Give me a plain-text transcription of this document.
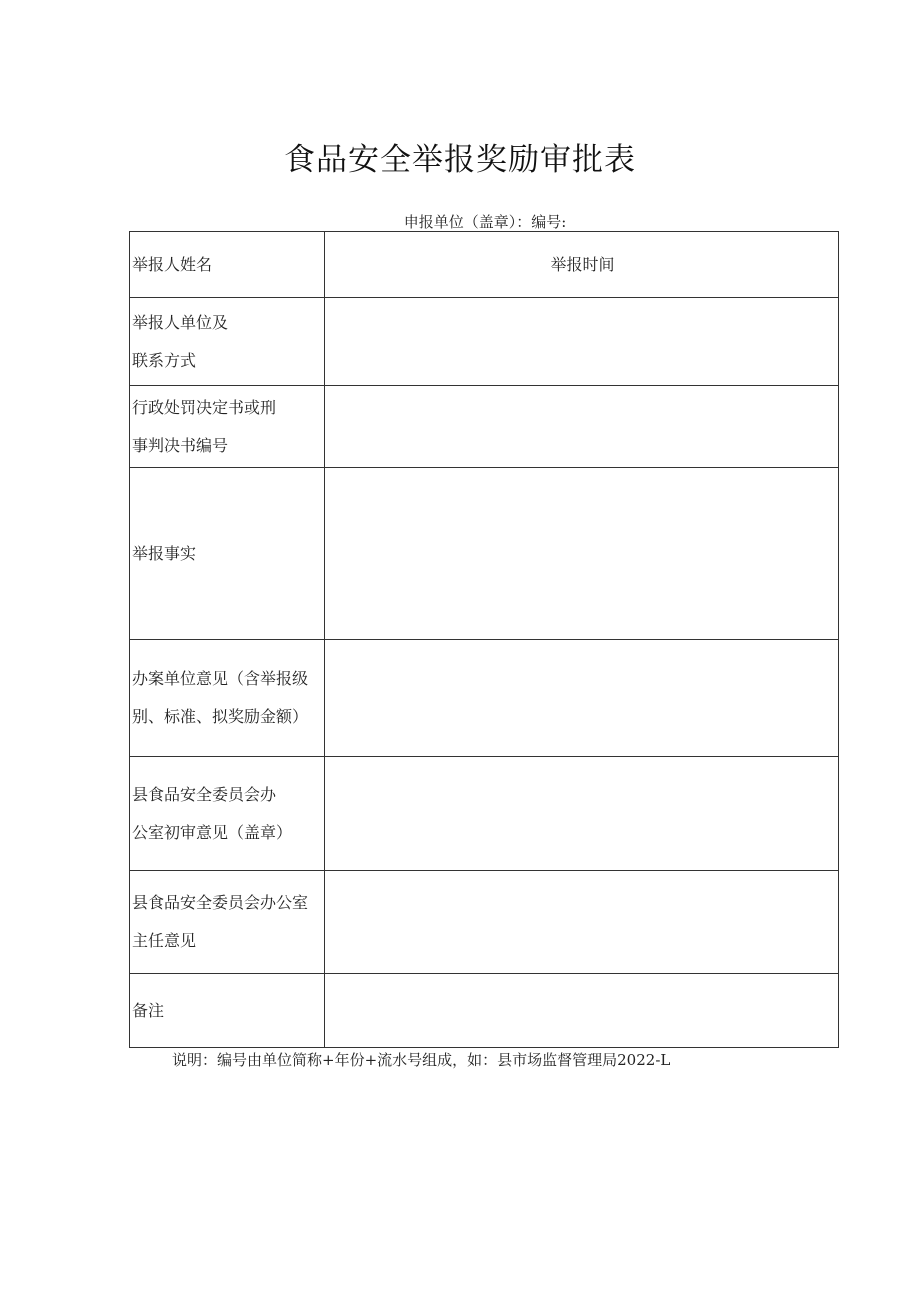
食品安全举报奖励审批表
申报单位（盖章）：编号:
举报人姓名	举报时间

举报人单位及
联系方式	

行政处罚决定书或刑
事判决书编号	

举报事实	

办案单位意见（含举报级
别、标准、拟奖励金额）	

县食品安全委员会办
公室初审意见（盖章）	

县食品安全委员会办公室
主任意见	

备注	
说明：编号由单位简称+年份+流水号组成，如：县市场监督管理局2022-L
